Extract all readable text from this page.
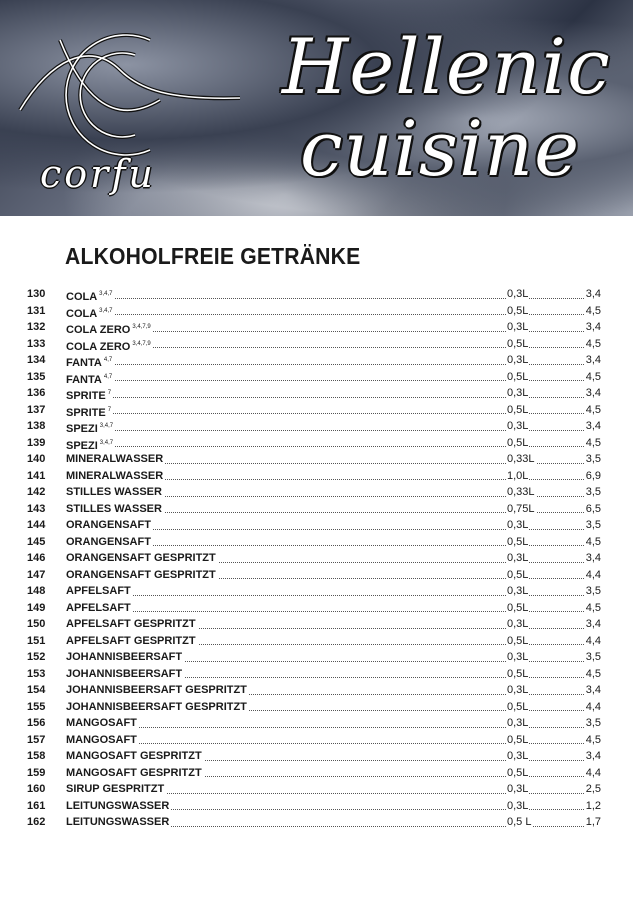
corfu
Hellenic
cuisine
ALKOHOLFREIE GETRÄNKE
130 COLA $^{3,4,7}$	0,3L	3,4
131 COLA $^{3,4,7}$	0,5L	4,5
132 COLA ZERO $^{3,4,7,9}$	0,3L	3,4
133 COLA ZERO $^{3,4,7,9}$	0,5L	4,5
134 FANTA $^{4,7}$	0,3L	3,4
135 FANTA $^{4,7}$	0,5L	4,5
136 SPRITE $^7$	0,3L	3,4
137 SPRITE $^7$	0,5L	4,5
138 SPEZI $^{3,4,7}$	0,3L	3,4
139 SPEZI $^{3,4,7}$	0,5L	4,5
140 MINERALWASSER	0,33L	3,5
141 MINERALWASSER	1,0L	6,9
142 STILLES WASSER	0,33L	3,5
143 STILLES WASSER	0,75L	6,5
144 ORANGENSAFT	0,3L	3,5
145 ORANGENSAFT	0,5L	4,5
146 ORANGENSAFT GESPRITZT	0,3L	3,4
147 ORANGENSAFT GESPRITZT	0,5L	4,4
148 APFELSAFT	0,3L	3,5
149 APFELSAFT	0,5L	4,5
150 APFELSAFT GESPRITZT	0,3L	3,4
151 APFELSAFT GESPRITZT	0,5L	4,4
152 JOHANNISBEERSAFT	0,3L	3,5
153 JOHANNISBEERSAFT	0,5L	4,5
154 JOHANNISBEERSAFT GESPRITZT	0,3L	3,4
155 JOHANNISBEERSAFT GESPRITZT	0,5L	4,4
156 MANGOSAFT	0,3L	3,5
157 MANGOSAFT	0,5L	4,5
158 MANGOSAFT GESPRITZT	0,3L	3,4
159 MANGOSAFT GESPRITZT	0,5L	4,4
160 SIRUP GESPRITZT	0,3L	2,5
161 LEITUNGSWASSER	0,3L	1,2
162 LEITUNGSWASSER	0,5 L	1,7
